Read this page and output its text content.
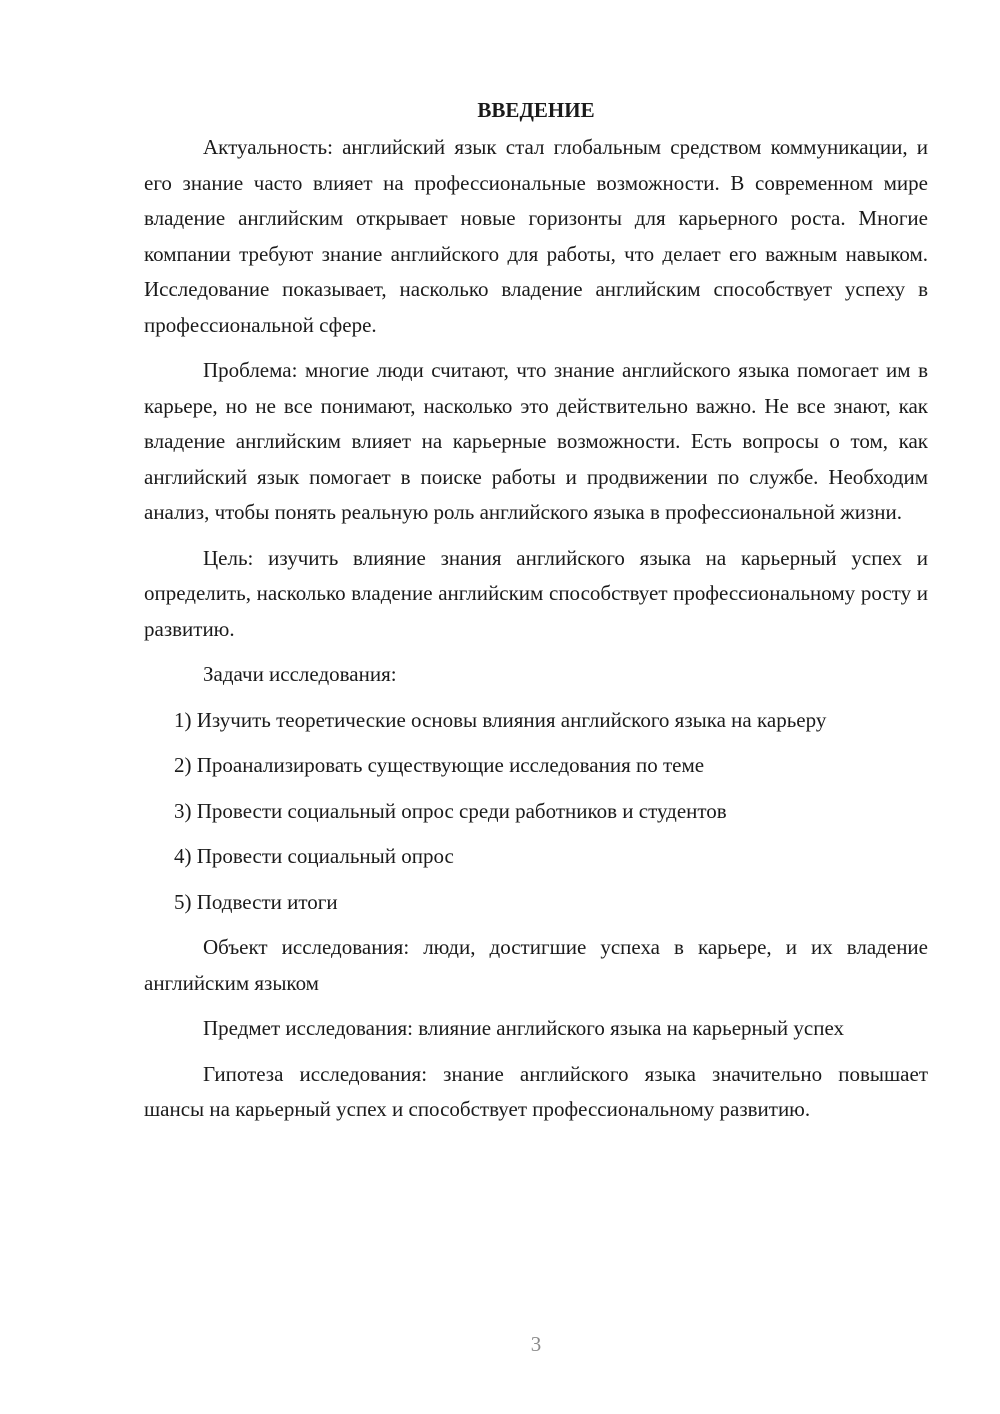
ВВЕДЕНИЕ

Актуальность: английский язык стал глобальным средством коммуникации, и его знание часто влияет на профессиональные возможности. В современном мире владение английским открывает новые горизонты для карьерного роста. Многие компании требуют знание английского для работы, что делает его важным навыком. Исследование показывает, насколько владение английским способствует успеху в профессиональной сфере.

Проблема: многие люди считают, что знание английского языка помогает им в карьере, но не все понимают, насколько это действительно важно. Не все знают, как владение английским влияет на карьерные возможности. Есть вопросы о том, как английский язык помогает в поиске работы и продвижении по службе. Необходим анализ, чтобы понять реальную роль английского языка в профессиональной жизни.

Цель: изучить влияние знания английского языка на карьерный успех и определить, насколько владение английским способствует профессиональному росту и развитию.

Задачи исследования:

1) Изучить теоретические основы влияния английского языка на карьеру

2) Проанализировать существующие исследования по теме

3) Провести социальный опрос среди работников и студентов

4) Провести социальный опрос

5) Подвести итоги

Объект исследования: люди, достигшие успеха в карьере, и их владение английским языком

Предмет исследования: влияние английского языка на карьерный успех

Гипотеза исследования: знание английского языка значительно повышает шансы на карьерный успех и способствует профессиональному развитию.

3
